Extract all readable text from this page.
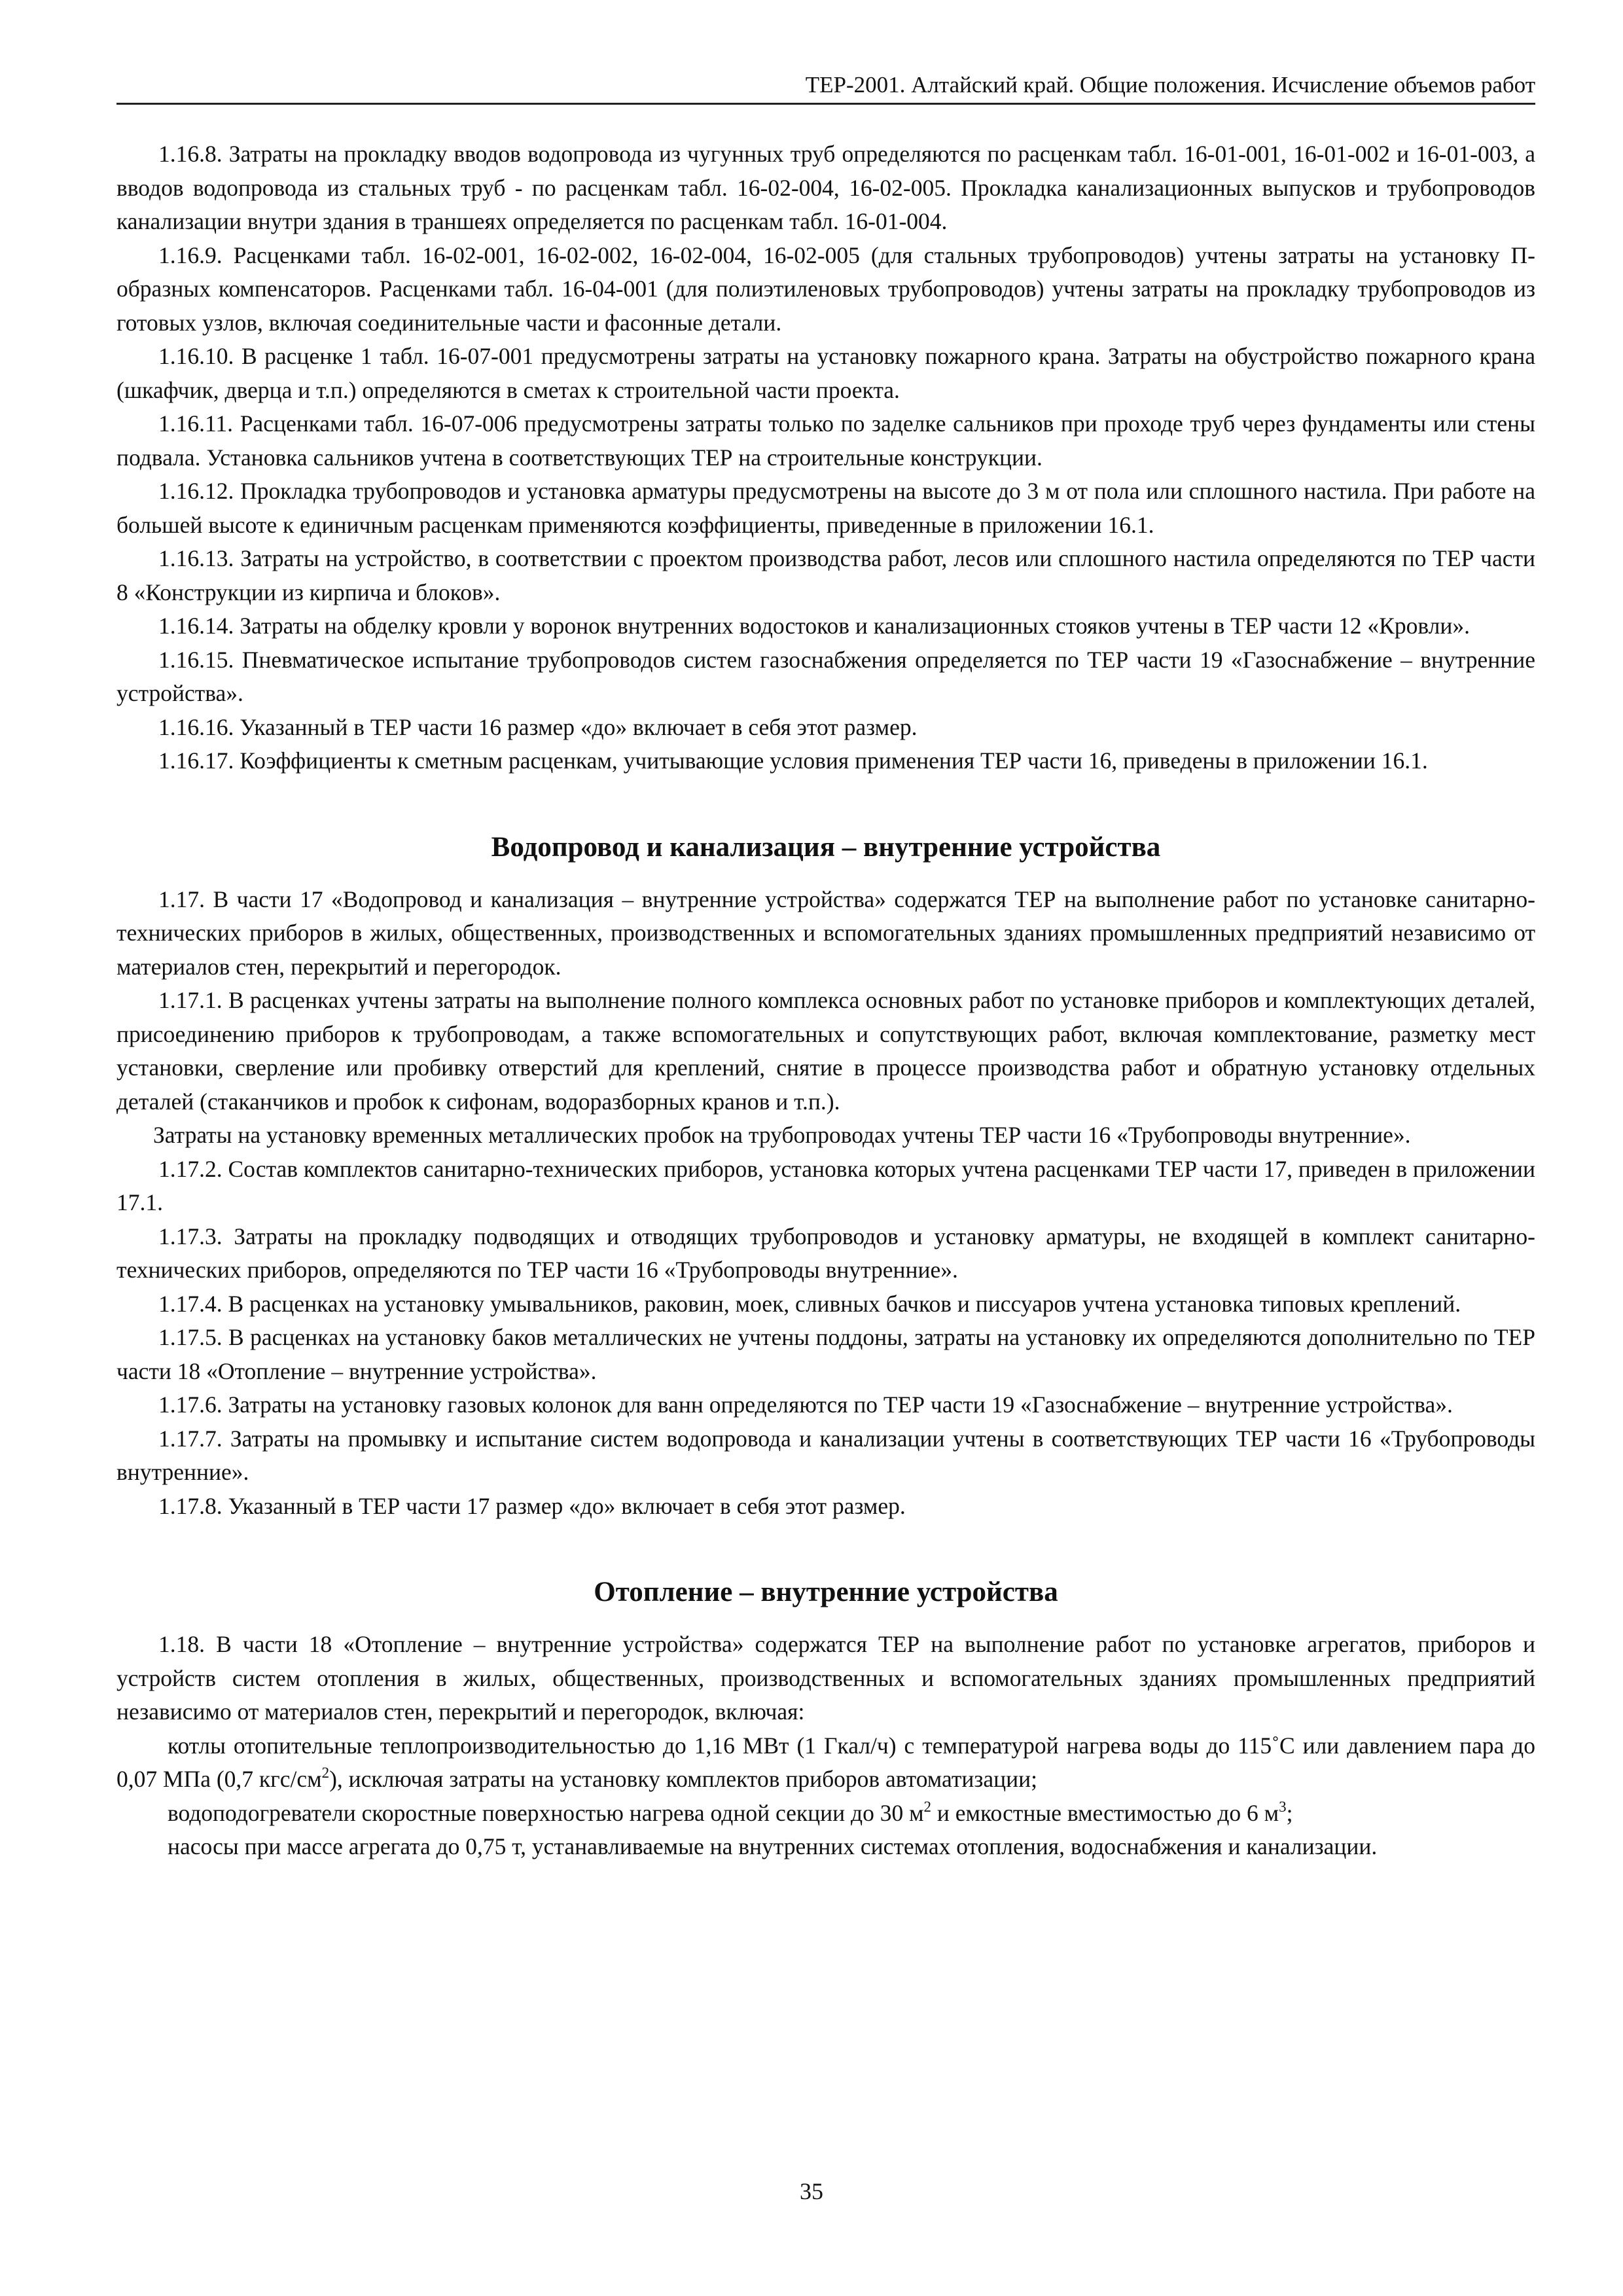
ТЕР-2001. Алтайский край. Общие положения. Исчисление объемов работ

1.16.8. Затраты на прокладку вводов водопровода из чугунных труб определяются по расценкам табл. 16-01-001, 16-01-002 и 16-01-003, а вводов водопровода из стальных труб - по расценкам табл. 16-02-004, 16-02-005. Прокладка канализационных выпусков и трубопроводов канализации внутри здания в траншеях определяется по расценкам табл. 16-01-004.

1.16.9. Расценками табл. 16-02-001, 16-02-002, 16-02-004, 16-02-005 (для стальных трубопроводов) учтены затраты на установку П-образных компенсаторов. Расценками табл. 16-04-001 (для полиэтиленовых трубопроводов) учтены затраты на прокладку трубопроводов из готовых узлов, включая соединительные части и фасонные детали.

1.16.10. В расценке 1 табл. 16-07-001 предусмотрены затраты на установку пожарного крана. Затраты на обустройство пожарного крана (шкафчик, дверца и т.п.) определяются в сметах к строительной части проекта.

1.16.11. Расценками табл. 16-07-006 предусмотрены затраты только по заделке сальников при проходе труб через фундаменты или стены подвала. Установка сальников учтена в соответствующих ТЕР на строительные конструкции.

1.16.12. Прокладка трубопроводов и установка арматуры предусмотрены на высоте до 3 м от пола или сплошного настила. При работе на большей высоте к единичным расценкам применяются коэффициенты, приведенные в приложении 16.1.

1.16.13. Затраты на устройство, в соответствии с проектом производства работ, лесов или сплошного настила определяются по ТЕР части 8 «Конструкции из кирпича и блоков».

1.16.14. Затраты на обделку кровли у воронок внутренних водостоков и канализационных стояков учтены в ТЕР части 12 «Кровли».

1.16.15. Пневматическое испытание трубопроводов систем газоснабжения определяется по ТЕР части 19 «Газоснабжение – внутренние устройства».

1.16.16. Указанный в ТЕР части 16 размер «до» включает в себя этот размер.

1.16.17. Коэффициенты к сметным расценкам, учитывающие условия применения ТЕР части 16, приведены в приложении 16.1.

Водопровод и канализация – внутренние устройства

1.17. В части 17 «Водопровод и канализация – внутренние устройства» содержатся ТЕР на выполнение работ по установке санитарно-технических приборов в жилых, общественных, производственных и вспомогательных зданиях промышленных предприятий независимо от материалов стен, перекрытий и перегородок.

1.17.1. В расценках учтены затраты на выполнение полного комплекса основных работ по установке приборов и комплектующих деталей, присоединению приборов к трубопроводам, а также вспомогательных и сопутствующих работ, включая комплектование, разметку мест установки, сверление или пробивку отверстий для креплений, снятие в процессе производства работ и обратную установку отдельных деталей (стаканчиков и пробок к сифонам, водоразборных кранов и т.п.).

Затраты на установку временных металлических пробок на трубопроводах учтены ТЕР части 16 «Трубопроводы внутренние».

1.17.2. Состав комплектов санитарно-технических приборов, установка которых учтена расценками ТЕР части 17, приведен в приложении 17.1.

1.17.3. Затраты на прокладку подводящих и отводящих трубопроводов и установку арматуры, не входящей в комплект санитарно-технических приборов, определяются по ТЕР части 16 «Трубопроводы внутренние».

1.17.4. В расценках на установку умывальников, раковин, моек, сливных бачков и писсуаров учтена установка типовых креплений.

1.17.5. В расценках на установку баков металлических не учтены поддоны, затраты на установку их определяются дополнительно по ТЕР части 18 «Отопление – внутренние устройства».

1.17.6. Затраты на установку газовых колонок для ванн определяются по ТЕР части 19 «Газоснабжение – внутренние устройства».

1.17.7. Затраты на промывку и испытание систем водопровода и канализации учтены в соответствующих ТЕР части 16 «Трубопроводы внутренние».

1.17.8. Указанный в ТЕР части 17 размер «до» включает в себя этот размер.

Отопление – внутренние устройства

1.18. В части 18 «Отопление – внутренние устройства» содержатся ТЕР на выполнение работ по установке агрегатов, приборов и устройств систем отопления в жилых, общественных, производственных и вспомогательных зданиях промышленных предприятий независимо от материалов стен, перекрытий и перегородок, включая:

котлы отопительные теплопроизводительностью до 1,16 МВт (1 Гкал/ч) с температурой нагрева воды до 115˚С или давлением пара до 0,07 МПа (0,7 кгс/$см^2$), исключая затраты на установку комплектов приборов автоматизации;

водоподогреватели скоростные поверхностью нагрева одной секции до 30 $м^2$ и емкостные вместимостью до 6 $м^3$;

насосы при массе агрегата до 0,75 т, устанавливаемые на внутренних системах отопления, водоснабжения и канализации.

35
